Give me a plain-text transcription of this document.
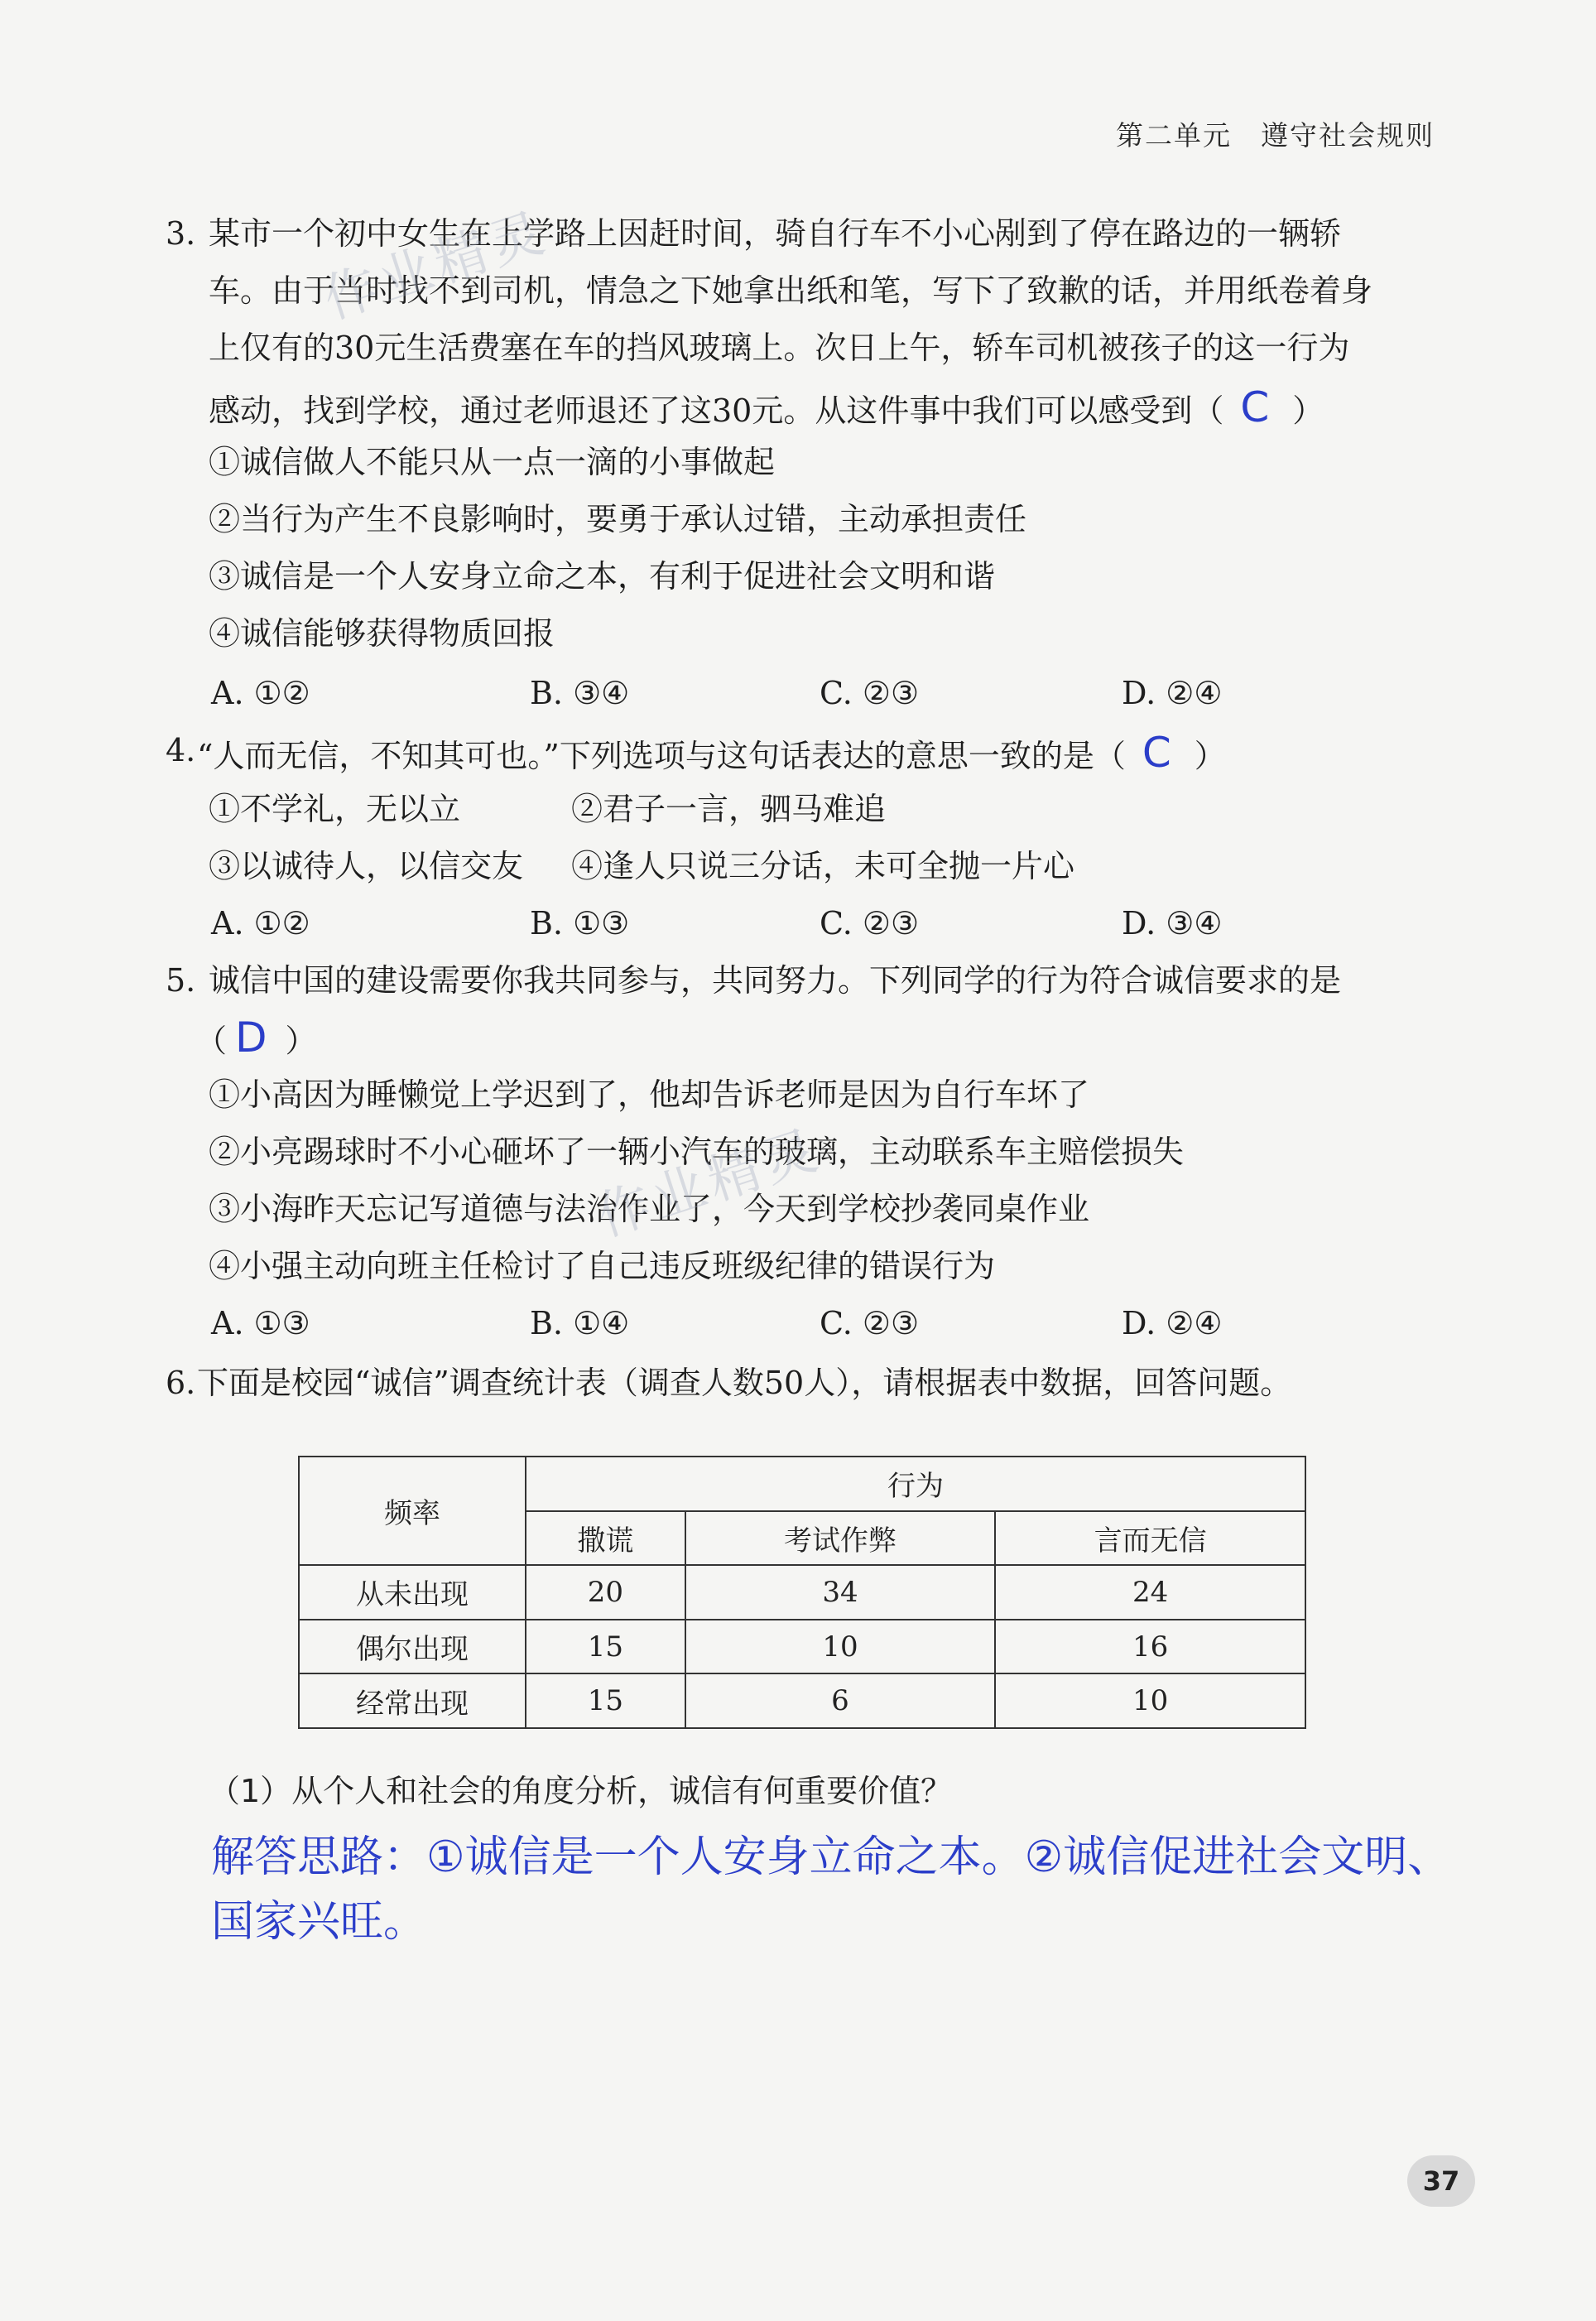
第二单元　遵守社会规则
3. 某市一个初中女生在上学路上因赶时间，骑自行车不小心剐到了停在路边的一辆轿
车。由于当时找不到司机，情急之下她拿出纸和笔，写下了致歉的话，并用纸卷着身
上仅有的30元生活费塞在车的挡风玻璃上。次日上午，轿车司机被孩子的这一行为
感动，找到学校，通过老师退还了这30元。从这件事中我们可以感受到（ C ）
①诚信做人不能只从一点一滴的小事做起
②当行为产生不良影响时，要勇于承认过错，主动承担责任
③诚信是一个人安身立命之本，有利于促进社会文明和谐
④诚信能够获得物质回报
A. ①②	B. ③④	C. ②③	D. ②④
4. “人而无信，不知其可也。”下列选项与这句话表达的意思一致的是（ C ）
①不学礼，无以立	②君子一言，驷马难追
③以诚待人，以信交友 ④逢人只说三分话，未可全抛一片心
A. ①②	B. ①③	C. ②③	D. ③④
5. 诚信中国的建设需要你我共同参与，共同努力。下列同学的行为符合诚信要求的是
（ D ）
①小高因为睡懒觉上学迟到了，他却告诉老师是因为自行车坏了
②小亮踢球时不小心砸坏了一辆小汽车的玻璃，主动联系车主赔偿损失
③小海昨天忘记写道德与法治作业了，今天到学校抄袭同桌作业
④小强主动向班主任检讨了自己违反班级纪律的错误行为
A. ①③	B. ①④	C. ②③	D. ②④
6. 下面是校园“诚信”调查统计表（调查人数50人），请根据表中数据，回答问题。
频率	行为		
	撒谎	考试作弊	言而无信
从未出现	20	34	24
偶尔出现	15	10	16
经常出现	15	6	10
（1）从个人和社会的角度分析，诚信有何重要价值？
解答思路：①诚信是一个人安身立命之本。②诚信促进社会文明、
国家兴旺。
作业精灵
作业精灵
37
